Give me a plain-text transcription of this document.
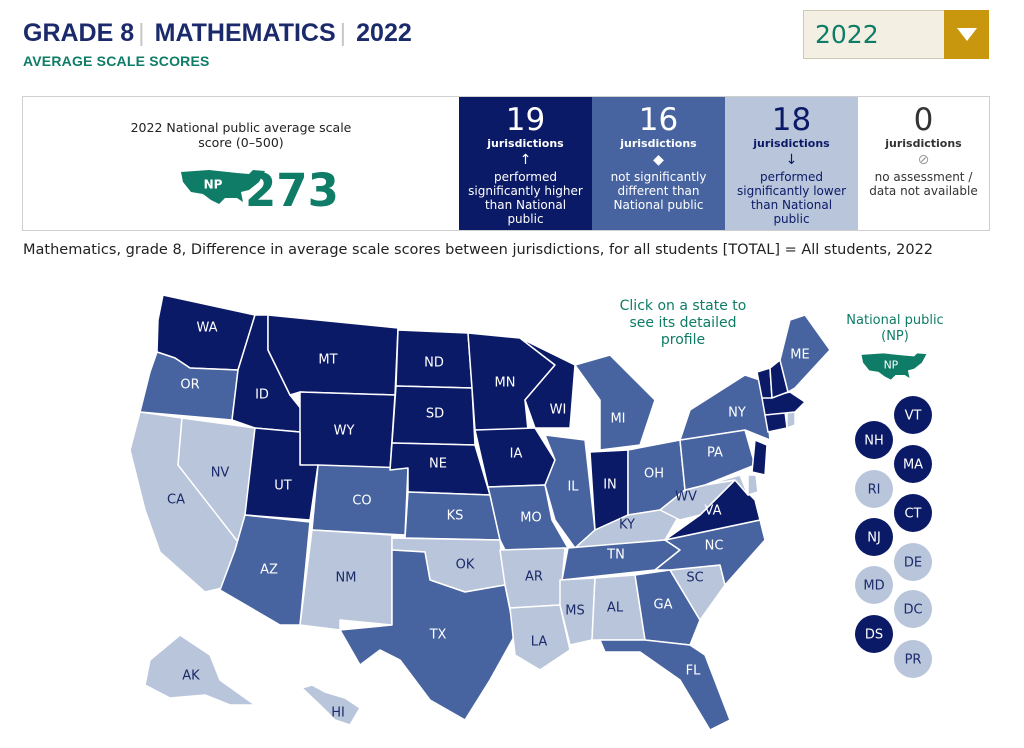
GRADE 8 | MATHEMATICS | 2022
AVERAGE SCALE SCORES
2022
2022 National public average scale score (0–500)
NP 273
19
jurisdictions
↑
performed significantly higher than National public
16
jurisdictions
◆
not significantly different than National public
18
jurisdictions
↓
performed significantly lower than National public
0
jurisdictions
⊘
no assessment / data not available
Mathematics, grade 8, Difference in average scale scores between jurisdictions, for all students [TOTAL] = All students, 2022
WA
OR
CA
NV
ID
MT
WY
UT
AZ
CO
NM
ND
SD
NE
KS
OK
TX
MN
IA
MO
AR
LA
WI
IL
MI
IN
OH
KY
TN
MS AL GA
FL
SC
NC
VA
WV
PA
NY
ME
AK
HI
VT
NH
MA
RI
CT
NJ
DE
MD
DC
DS
PR
Click on a state to see its detailed profile
National public (NP)
NP
